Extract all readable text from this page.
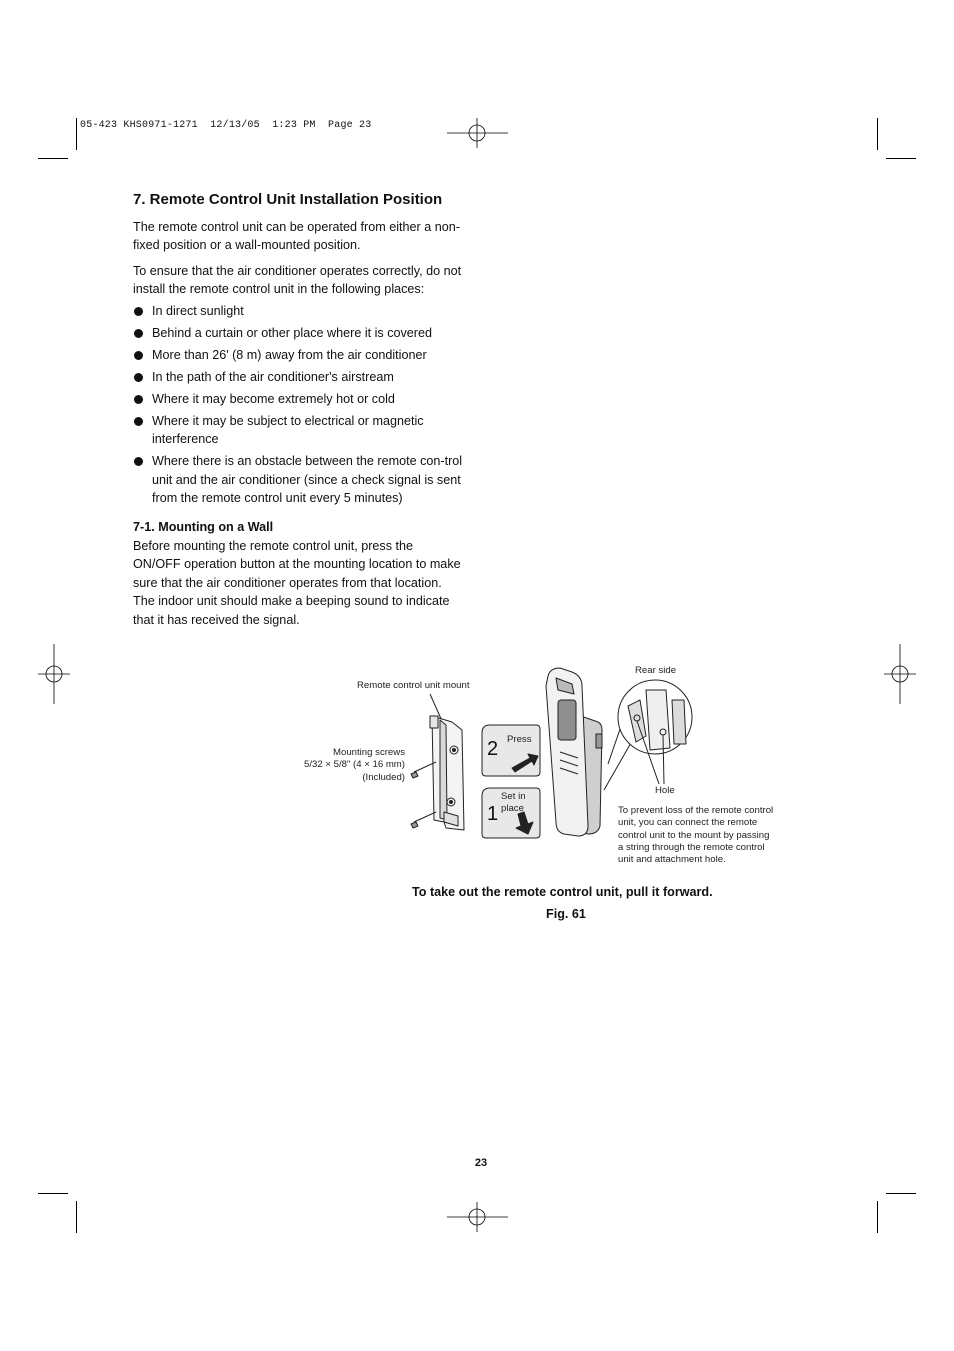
05-423 KHS0971-1271  12/13/05  1:23 PM  Page 23
7. Remote Control Unit Installation Position

The remote control unit can be operated from either a non-fixed position or a wall-mounted position.

To ensure that the air conditioner operates correctly, do not install the remote control unit in the following places:

In direct sunlight
Behind a curtain or other place where it is covered
More than 26' (8 m) away from the air conditioner
In the path of the air conditioner's airstream
Where it may become extremely hot or cold
Where it may be subject to electrical or magnetic interference
Where there is an obstacle between the remote con-trol unit and the air conditioner (since a check signal is sent from the remote control unit every 5 minutes)
7-1. Mounting on a Wall

Before mounting the remote control unit, press the ON/OFF operation button at the mounting location to make sure that the air conditioner operates from that location. The indoor unit should make a beeping sound to indicate that it has received the signal.

Remote control unit mount
Mounting screws
5/32 × 5/8" (4 × 16 mm)
(Included)
2 Press
1
Set in
place
Rear side
Hole
To prevent loss of the remote control
unit, you can connect the remote
control unit to the mount by passing
a string through the remote control
unit and attachment hole.
To take out the remote control unit, pull it forward.
Fig. 61
23
